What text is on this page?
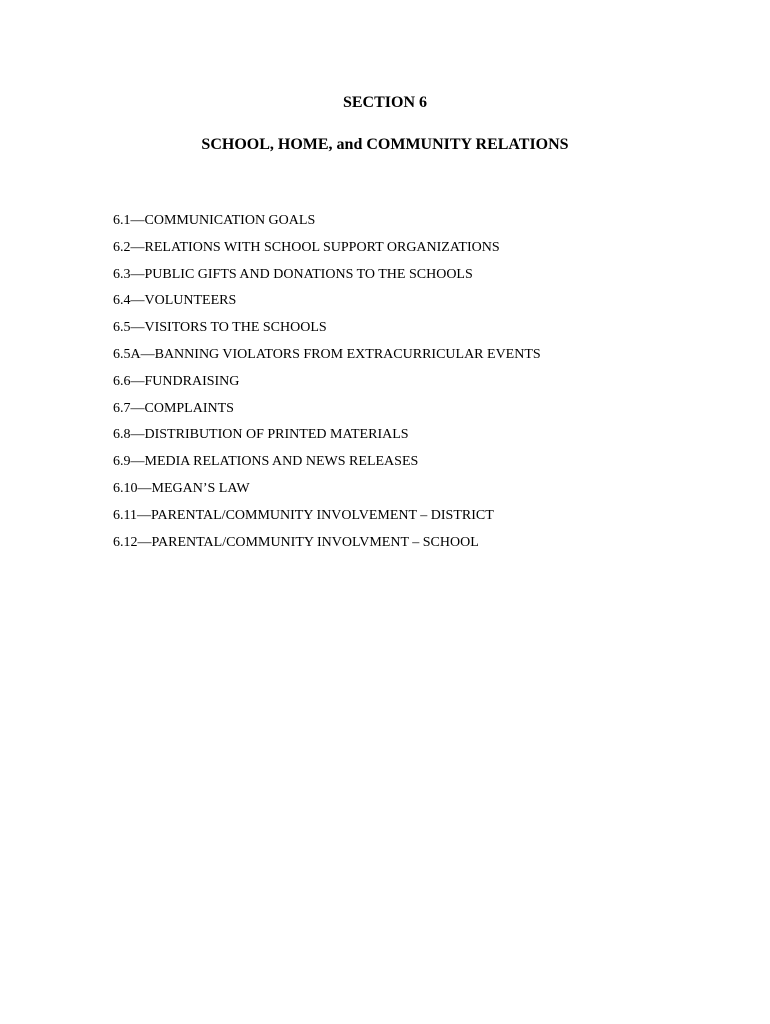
SECTION 6
SCHOOL, HOME, and COMMUNITY RELATIONS
6.1—COMMUNICATION GOALS
6.2—RELATIONS WITH SCHOOL SUPPORT ORGANIZATIONS
6.3—PUBLIC GIFTS AND DONATIONS TO THE SCHOOLS
6.4—VOLUNTEERS
6.5—VISITORS TO THE SCHOOLS
6.5A—BANNING VIOLATORS FROM EXTRACURRICULAR EVENTS
6.6—FUNDRAISING
6.7—COMPLAINTS
6.8—DISTRIBUTION OF PRINTED MATERIALS
6.9—MEDIA RELATIONS AND NEWS RELEASES
6.10—MEGAN’S LAW
6.11—PARENTAL/COMMUNITY INVOLVEMENT – DISTRICT
6.12—PARENTAL/COMMUNITY INVOLVMENT – SCHOOL
